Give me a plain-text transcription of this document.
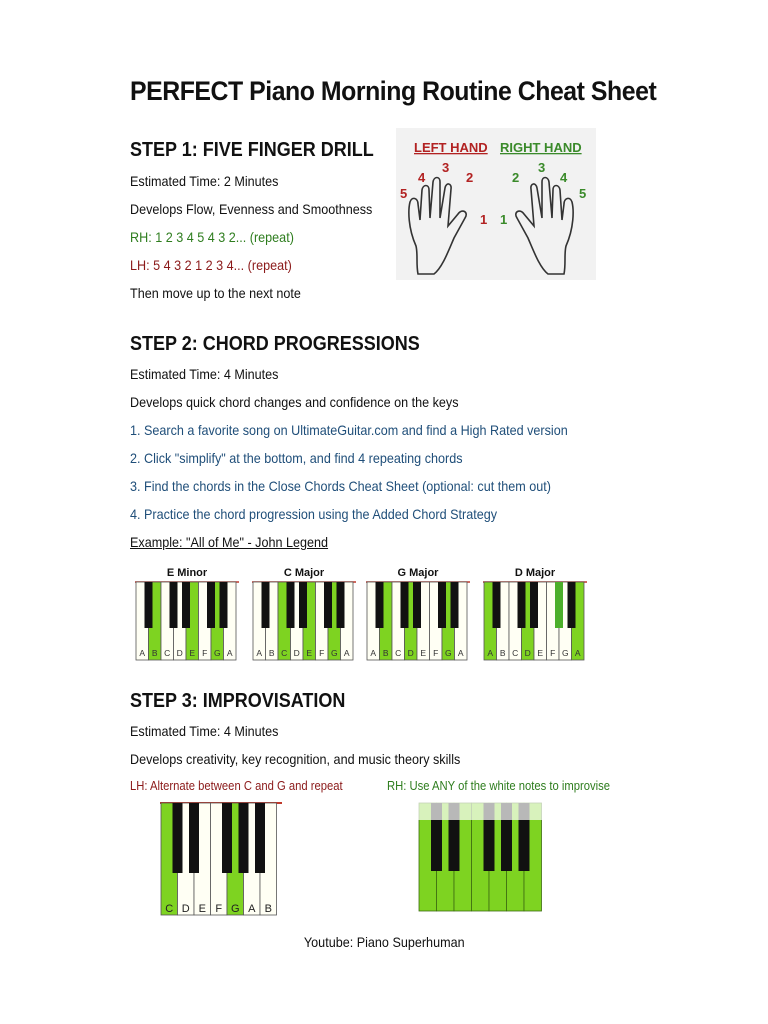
PERFECT Piano Morning Routine Cheat Sheet
STEP 1: FIVE FINGER DRILL
Estimated Time: 2 Minutes
Develops Flow, Evenness and Smoothness
RH: 1 2 3 4 5 4 3 2... (repeat)
LH: 5 4 3 2 1 2 3 4... (repeat)
Then move up to the next note
LEFT HAND RIGHT HAND
5
4
3
2
1 1
2
3
4
5
STEP 2: CHORD PROGRESSIONS
Estimated Time: 4 Minutes
Develops quick chord changes and confidence on the keys
1. Search a favorite song on UltimateGuitar.com and find a High Rated version
2. Click "simplify" at the bottom, and find 4 repeating chords
3. Find the chords in the Close Chords Cheat Sheet (optional: cut them out)
4. Practice the chord progression using the Added Chord Strategy
Example: "All of Me" - John Legend
E Minor
A B C D E F G A
C Major
A B C D E F G A
G Major
A B C D E F G A
D Major
A B C D E F G A
STEP 3: IMPROVISATION
Estimated Time: 4 Minutes
Develops creativity, key recognition, and music theory skills
LH: Alternate between C and G and repeat	RH: Use ANY of the white notes to improvise
C D E F G A B
Youtube: Piano Superhuman
